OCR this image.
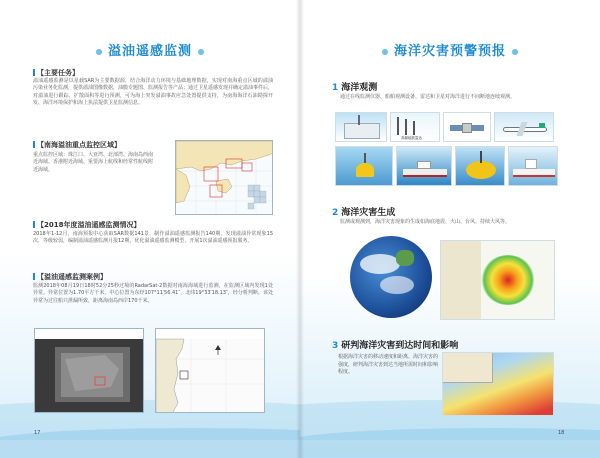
溢油遥感监测
【主要任务】
溢油遥感监测是以星载SAR为主要数据源，结合海洋动力环境与基础地理数据，实现对南海重点区域的溢油污染业务化监测，提供溢油图像数据，油膜专题图、监测报告等产品；通过卫星遥感发现并确定溢油事件后，对溢油进行跟踪，扩散面积等进行预测，可为海上突发溢油事故应急处置提供支持，为南海海洋石油勘探开发、海洋环境保护和海上执法提供卫星监测信息。
【南海溢油重点监控区域】
重点监控区域：珠江口、大亚湾、北部湾、海南岛西南近海域、香港附近海域、重要海上航线和经常性航线附近海域。
【2018年度溢油遥感监测情况】
2018年1-12月，南海预报中心获取SAR数据141景，制作溢油遥感监测报告140期，发现溢油异常现象15次，等级较弱，编制溢油遥感监测月报12期，优化溢油遥感监测模型，开展1次溢油遥感预报服务。
【溢油遥感监测案例】
监测2018年08月19日18时52分25秒过境的RadarSat-2数据对南海海域进行监测，在监测区域内发现1处异常。异常位置为1.70平方千米，中心位置为东经107°11′56.41″，北纬19°33′18.13″，经分析判断，该处异常为过往船只泄漏所致，距离海南岛西岸170千米。
17
海洋灾害预警预报
1 海洋观测
通过在线监测仪器、船舶观测设备、雷达和卫星对海洋进行不间断地连续观测。
高频地波雷达
2 海洋灾害生成
监测或观测到，海洋灾害现象的生成如海底地震、火山、台风、持续大风等。
3 研判海洋灾害到达时间和影响
根据海洋灾害的移动速度和距离、海洋灾害的强度，研判海洋灾害到达当地所需时间和影响程度。
18
